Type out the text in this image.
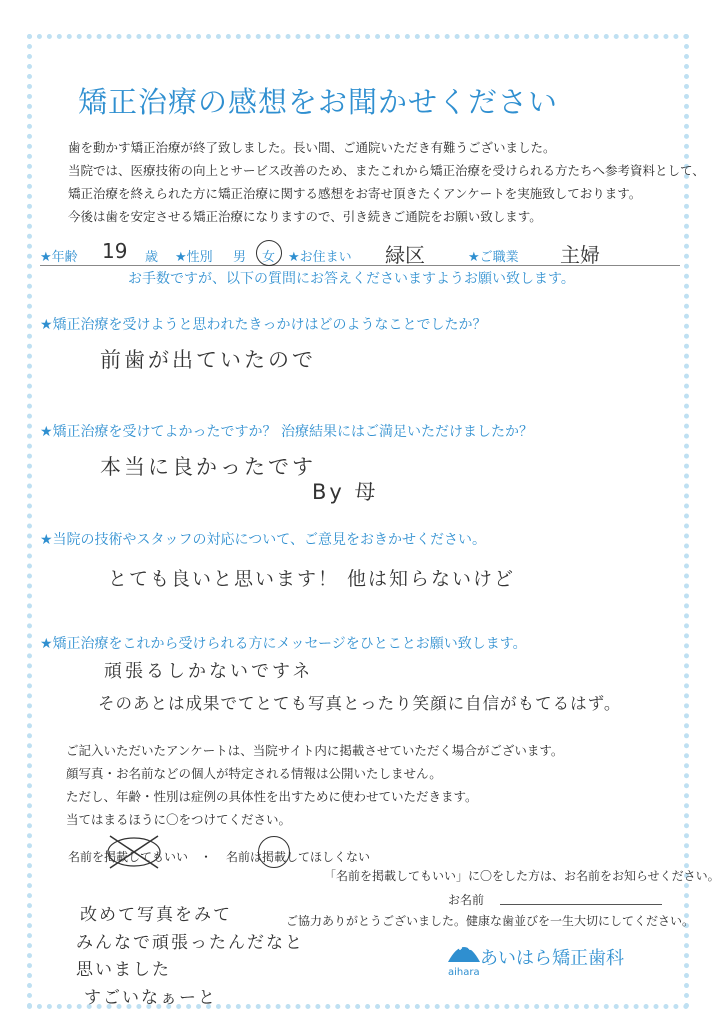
矯正治療の感想をお聞かせください
歯を動かす矯正治療が終了致しました。長い間、ご通院いただき有難うございました。
当院では、医療技術の向上とサービス改善のため、またこれから矯正治療を受けられる方たちへ参考資料として、
矯正治療を終えられた方に矯正治療に関する感想をお寄せ頂きたくアンケートを実施致しております。
今後は歯を安定させる矯正治療になりますので、引き続きご通院をお願い致します。
★年齢 19 歳 ★性別 男 女 ★お住まい 緑区	★ご職業 主婦
お手数ですが、以下の質問にお答えくださいますようお願い致します。
★矯正治療を受けようと思われたきっかけはどのようなことでしたか？
前歯が出ていたので
★矯正治療を受けてよかったですか？ 治療結果にはご満足いただけましたか？
本当に良かったです
By 母
★当院の技術やスタッフの対応について、ご意見をおきかせください。
とても良いと思います！ 他は知らないけど
★矯正治療をこれから受けられる方にメッセージをひとことお願い致します。
頑張るしかないですネ
そのあとは成果でてとても写真とったり笑顔に自信がもてるはず。
ご記入いただいたアンケートは、当院サイト内に掲載させていただく場合がございます。
顔写真・お名前などの個人が特定される情報は公開いたしません。
ただし、年齢・性別は症例の具体性を出すために使わせていただきます。
当てはまるほうに〇をつけてください。
名前を掲載してもいい ・ 名前は掲載してほしくない
「名前を掲載してもいい」に〇をした方は、お名前をお知らせください。
お名前
ご協力ありがとうございました。健康な歯並びを一生大切にしてください。
改めて写真をみて
みんなで頑張ったんだなと
思いました
すごいなぁーと
aihara
あいはら矯正歯科
